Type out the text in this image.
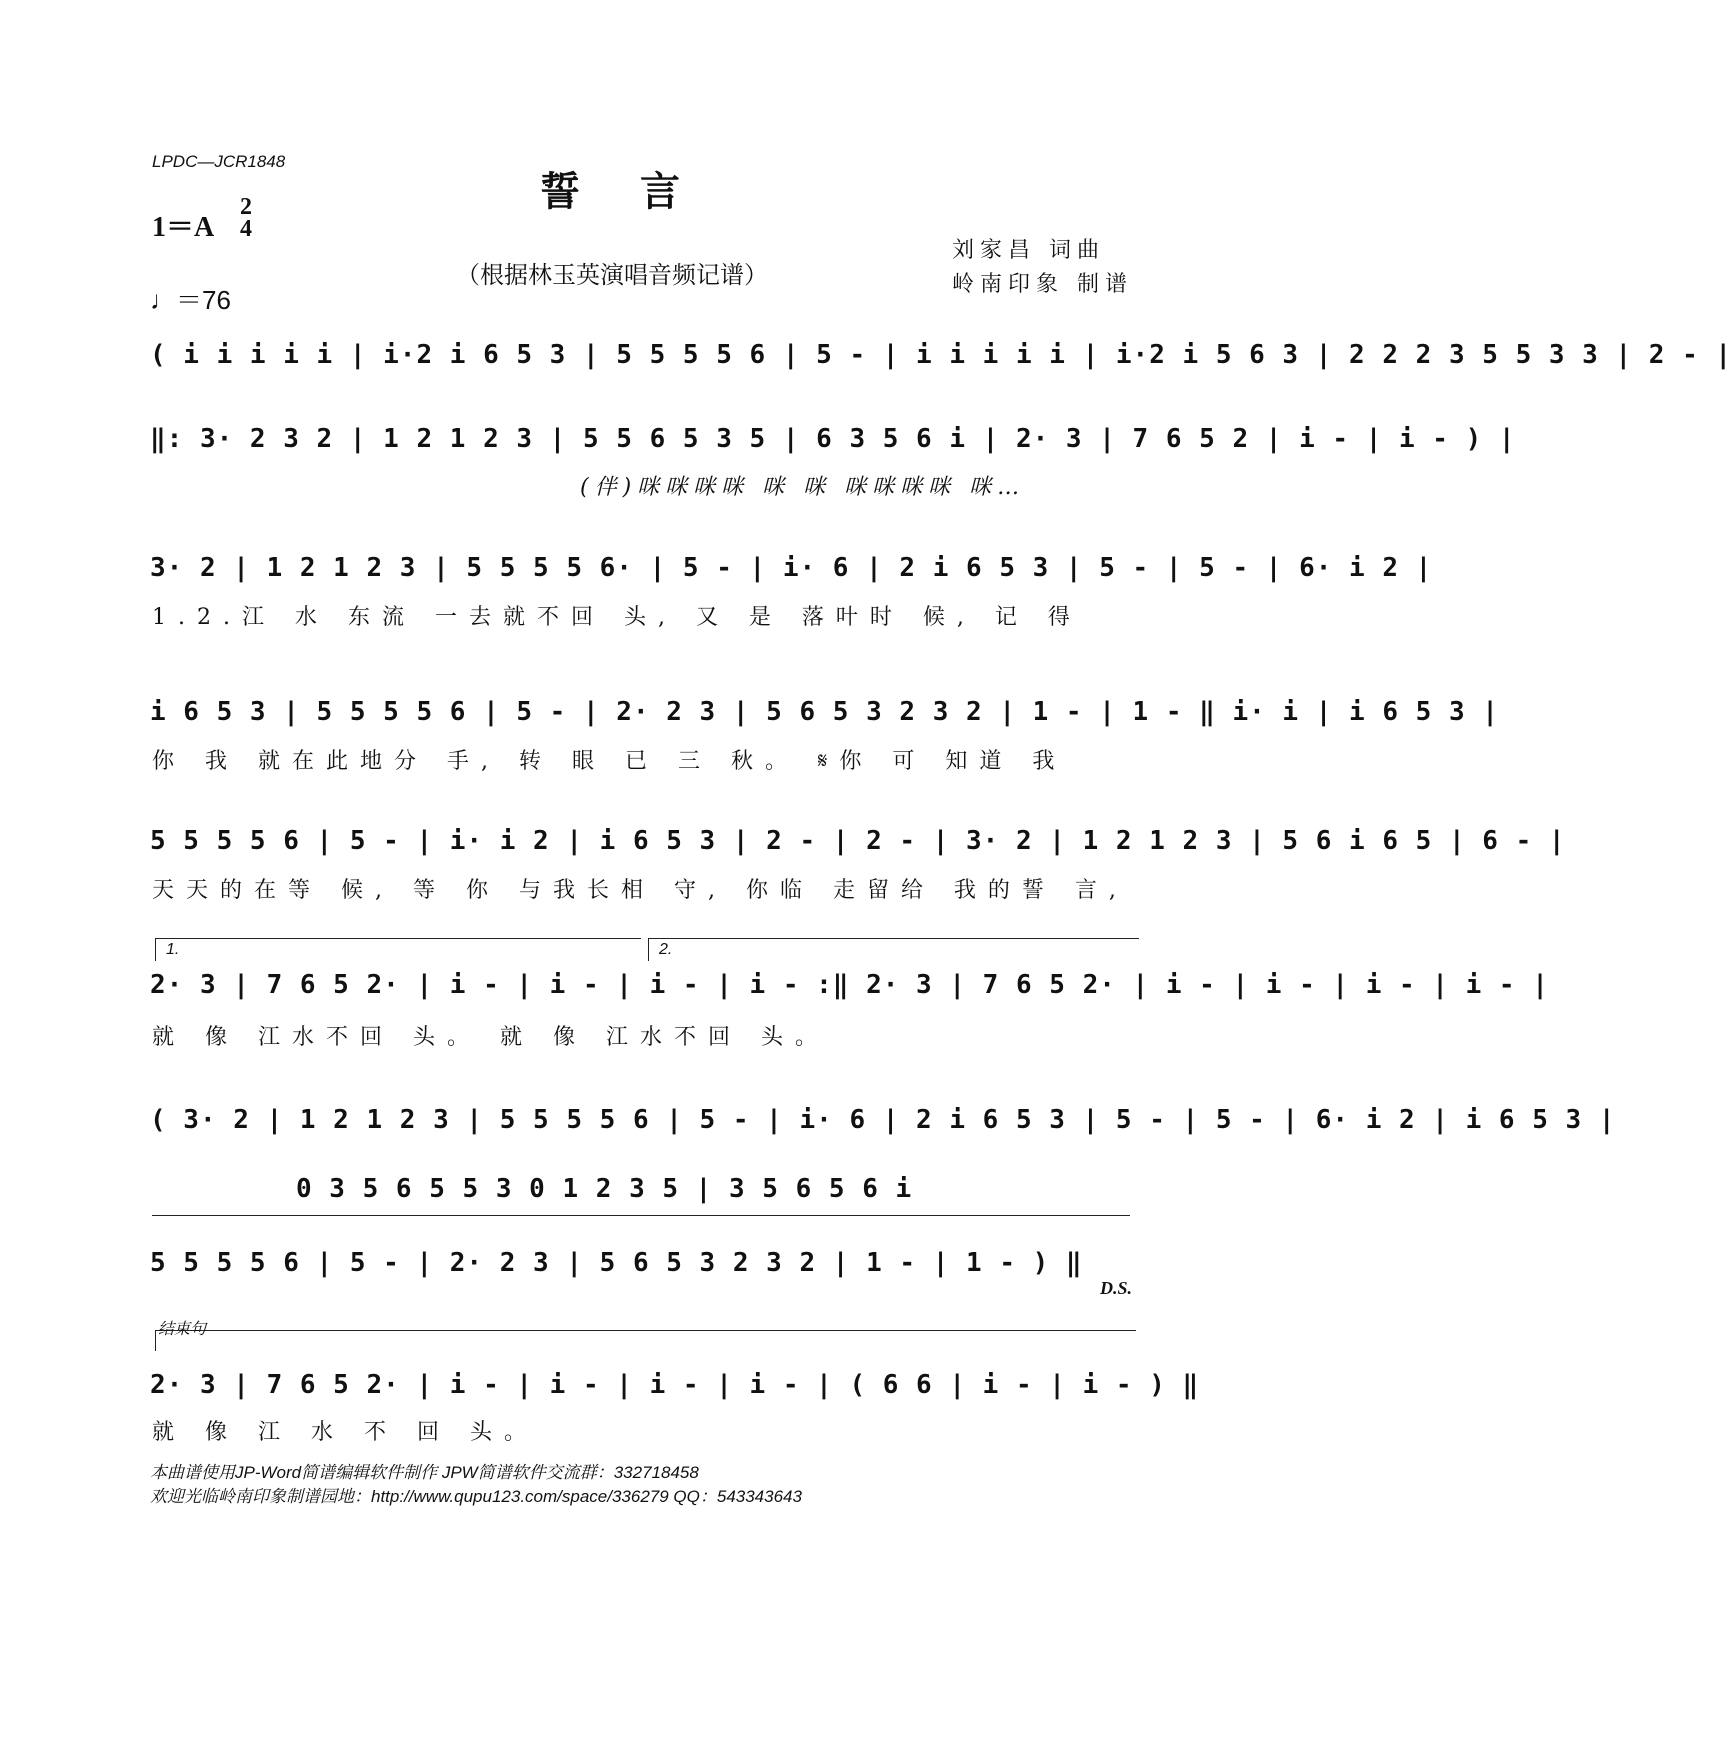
LPDC—JCR1848
誓言
1＝A
2
4
♩＝76
（根据林玉英演唱音频记谱）
刘家昌 词曲
岭南印象 制谱
( i i i i i | i·2 i 6 5 3 | 5 5 5 5 6 | 5 - | i i i i i | i·2 i 5 6 3 | 2 2 2 3 5 5 3 3 | 2 - |
‖: 3· 2 3 2 | 1 2 1 2 3 | 5 5 6 5 3 5 | 6 3 5 6 i | 2· 3 | 7 6 5 2 | i - | i - ) |
(伴)咪咪咪咪 咪 咪 咪咪咪咪 咪…
3· 2 | 1 2 1 2 3 | 5 5 5 5 6· | 5 - | i· 6 | 2 i 6 5 3 | 5 - | 5 - | 6· i 2 |
1.2.江 水 东流 一去就不回 头, 又 是 落叶时 候, 记 得
i 6 5 3 | 5 5 5 5 6 | 5 - | 2· 2 3 | 5 6 5 3 2 3 2 | 1 - | 1 - ‖ i· i | i 6 5 3 |
你 我 就在此地分 手, 转 眼 已 三 秋。 𝄋你 可 知道 我
5 5 5 5 6 | 5 - | i· i 2 | i 6 5 3 | 2 - | 2 - | 3· 2 | 1 2 1 2 3 | 5 6 i 6 5 | 6 - |
天天的在等 候, 等 你 与我长相 守, 你临 走留给 我的誓 言,
1.	2.
2· 3 | 7 6 5 2· | i - | i - | i - | i - :‖ 2· 3 | 7 6 5 2· | i - | i - | i - | i - |
就 像 江水不回 头。 就 像 江水不回 头。
( 3· 2 | 1 2 1 2 3 | 5 5 5 5 6 | 5 - | i· 6 | 2 i 6 5 3 | 5 - | 5 - | 6· i 2 | i 6 5 3 |
0 3 5 6 5 5 3 0 1 2 3 5 | 3 5 6 5 6 i
5 5 5 5 6 | 5 - | 2· 2 3 | 5 6 5 3 2 3 2 | 1 - | 1 - ) ‖
D.S.
结束句
2· 3 | 7 6 5 2· | i - | i - | i - | i - | ( 6 6 | i - | i - ) ‖
就 像 江 水 不 回 头。
本曲谱使用JP-Word简谱编辑软件制作 JPW简谱软件交流群：332718458
欢迎光临岭南印象制谱园地：http://www.qupu123.com/space/336279 QQ：543343643
